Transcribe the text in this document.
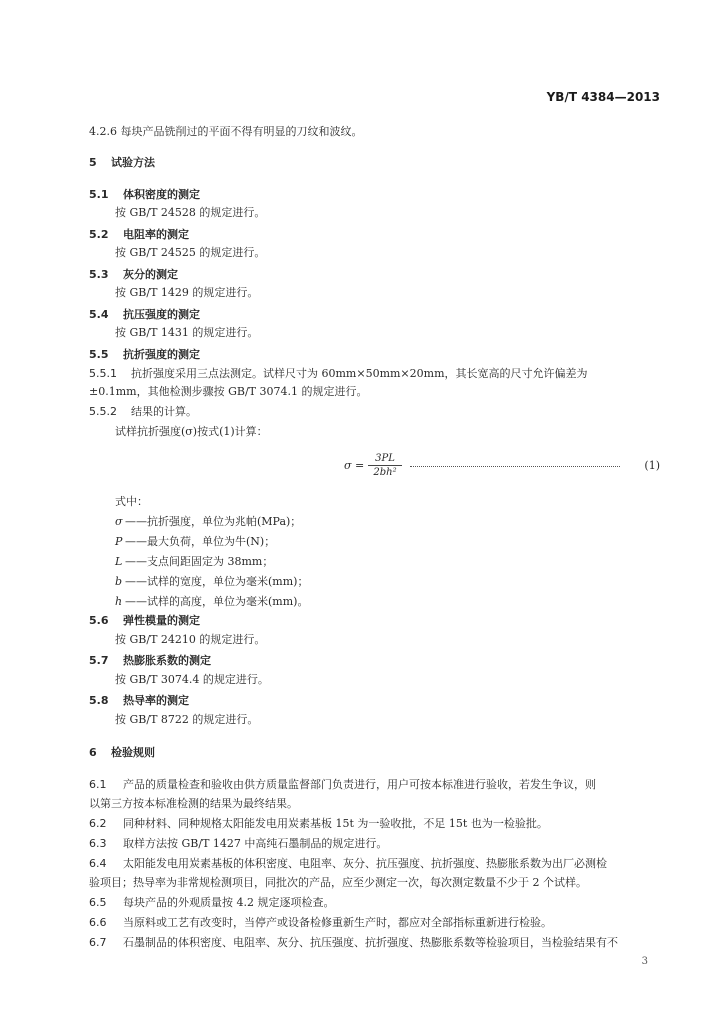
YB/T 4384—2013
4.2.6 每块产品铣削过的平面不得有明显的刀纹和波纹。
5 试验方法
5.1 体积密度的测定
按 GB/T 24528 的规定进行。
5.2 电阻率的测定
按 GB/T 24525 的规定进行。
5.3 灰分的测定
按 GB/T 1429 的规定进行。
5.4 抗压强度的测定
按 GB/T 1431 的规定进行。
5.5 抗折强度的测定
5.5.1 抗折强度采用三点法测定。试样尺寸为 60mm×50mm×20mm，其长宽高的尺寸允许偏差为
±0.1mm，其他检测步骤按 GB/T 3074.1 的规定进行。
5.5.2 结果的计算。
试样抗折强度(σ)按式(1)计算：
$\sigma = \frac{3PL}{\text{2bh²}}$	(1)
式中：
σ ——抗折强度，单位为兆帕(MPa)；
P ——最大负荷，单位为牛(N)；
L ——支点间距固定为 38mm；
b ——试样的宽度，单位为毫米(mm)；
h ——试样的高度，单位为毫米(mm)。
5.6 弹性模量的测定
按 GB/T 24210 的规定进行。
5.7 热膨胀系数的测定
按 GB/T 3074.4 的规定进行。
5.8 热导率的测定
按 GB/T 8722 的规定进行。
6 检验规则
6.1 产品的质量检查和验收由供方质量监督部门负责进行，用户可按本标准进行验收，若发生争议，则
以第三方按本标准检测的结果为最终结果。
6.2 同种材料、同种规格太阳能发电用炭素基板 15t 为一验收批，不足 15t 也为一检验批。
6.3 取样方法按 GB/T 1427 中高纯石墨制品的规定进行。
6.4 太阳能发电用炭素基板的体积密度、电阻率、灰分、抗压强度、抗折强度、热膨胀系数为出厂必测检
验项目；热导率为非常规检测项目，同批次的产品，应至少测定一次，每次测定数量不少于 2 个试样。
6.5 每块产品的外观质量按 4.2 规定逐项检查。
6.6 当原料或工艺有改变时，当停产或设备检修重新生产时，都应对全部指标重新进行检验。
6.7 石墨制品的体积密度、电阻率、灰分、抗压强度、抗折强度、热膨胀系数等检验项目，当检验结果有不
3
